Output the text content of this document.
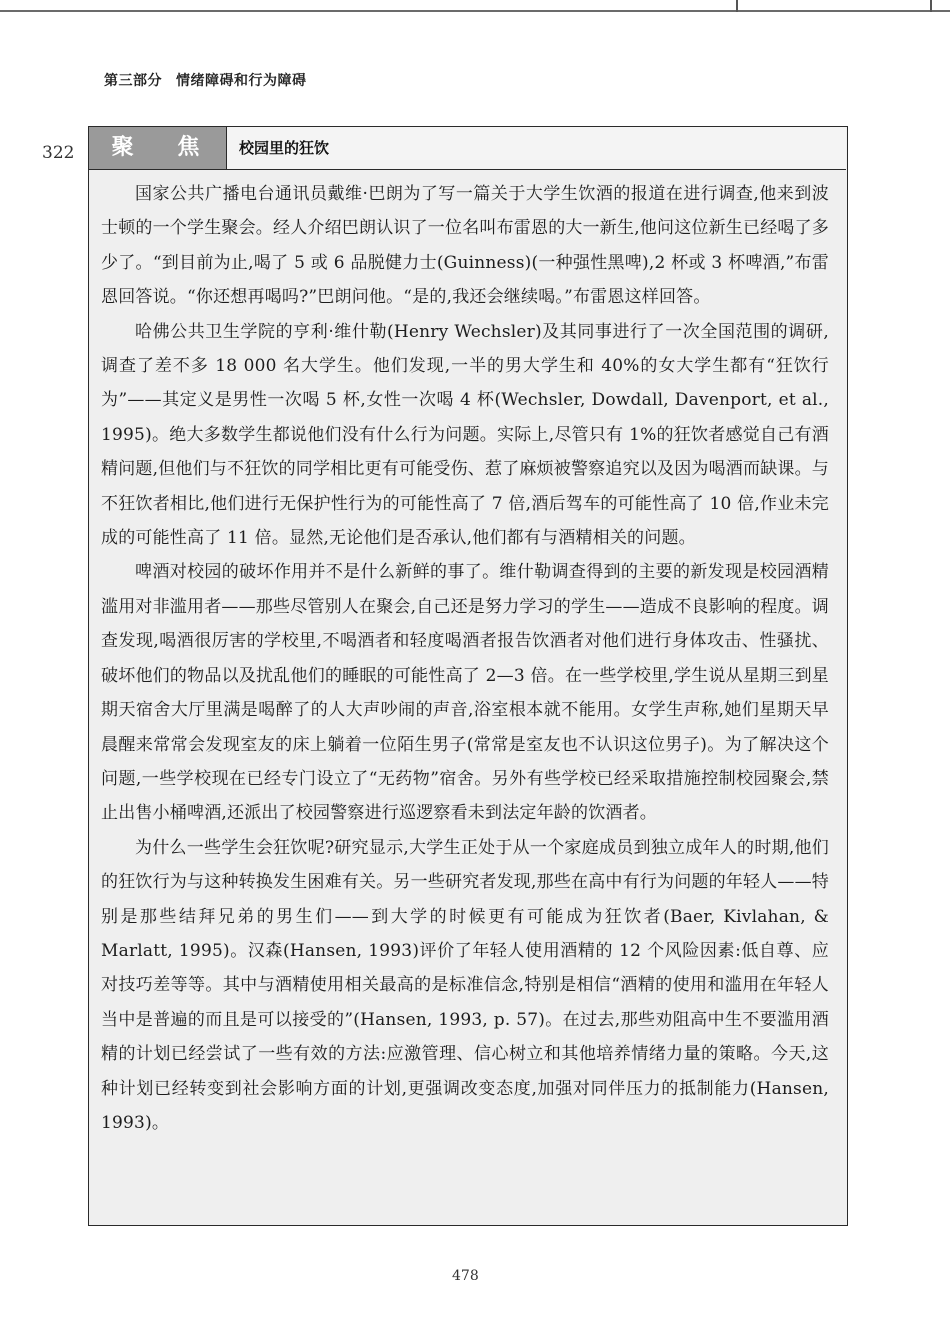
第三部分 情绪障碍和行为障碍
322	聚 焦	校园里的狂饮

国家公共广播电台通讯员戴维·巴朗为了写一篇关于大学生饮酒的报道在进行调查,他来到波士顿的一个学生聚会。经人介绍巴朗认识了一位名叫布雷恩的大一新生,他问这位新生已经喝了多少了。“到目前为止,喝了 5 或 6 品脱健力士(Guinness)(一种强性黑啤),2 杯或 3 杯啤酒,”布雷恩回答说。“你还想再喝吗?”巴朗问他。“是的,我还会继续喝。”布雷恩这样回答。

哈佛公共卫生学院的亨利·维什勒(Henry Wechsler)及其同事进行了一次全国范围的调研,调查了差不多 18 000 名大学生。他们发现,一半的男大学生和 40%的女大学生都有“狂饮行为”——其定义是男性一次喝 5 杯,女性一次喝 4 杯(Wechsler, Dowdall, Davenport, et al., 1995)。绝大多数学生都说他们没有什么行为问题。实际上,尽管只有 1%的狂饮者感觉自己有酒精问题,但他们与不狂饮的同学相比更有可能受伤、惹了麻烦被警察追究以及因为喝酒而缺课。与不狂饮者相比,他们进行无保护性行为的可能性高了 7 倍,酒后驾车的可能性高了 10 倍,作业未完成的可能性高了 11 倍。显然,无论他们是否承认,他们都有与酒精相关的问题。

啤酒对校园的破坏作用并不是什么新鲜的事了。维什勒调查得到的主要的新发现是校园酒精滥用对非滥用者——那些尽管别人在聚会,自己还是努力学习的学生——造成不良影响的程度。调查发现,喝酒很厉害的学校里,不喝酒者和轻度喝酒者报告饮酒者对他们进行身体攻击、性骚扰、破坏他们的物品以及扰乱他们的睡眠的可能性高了 2—3 倍。在一些学校里,学生说从星期三到星期天宿舍大厅里满是喝醉了的人大声吵闹的声音,浴室根本就不能用。女学生声称,她们星期天早晨醒来常常会发现室友的床上躺着一位陌生男子(常常是室友也不认识这位男子)。为了解决这个问题,一些学校现在已经专门设立了“无药物”宿舍。另外有些学校已经采取措施控制校园聚会,禁止出售小桶啤酒,还派出了校园警察进行巡逻察看未到法定年龄的饮酒者。

为什么一些学生会狂饮呢?研究显示,大学生正处于从一个家庭成员到独立成年人的时期,他们的狂饮行为与这种转换发生困难有关。另一些研究者发现,那些在高中有行为问题的年轻人——特别是那些结拜兄弟的男生们——到大学的时候更有可能成为狂饮者(Baer, Kivlahan, & Marlatt, 1995)。汉森(Hansen, 1993)评价了年轻人使用酒精的 12 个风险因素:低自尊、应对技巧差等等。其中与酒精使用相关最高的是标准信念,特别是相信“酒精的使用和滥用在年轻人当中是普遍的而且是可以接受的”(Hansen, 1993, p. 57)。在过去,那些劝阻高中生不要滥用酒精的计划已经尝试了一些有效的方法:应激管理、信心树立和其他培养情绪力量的策略。今天,这种计划已经转变到社会影响方面的计划,更强调改变态度,加强对同伴压力的抵制能力(Hansen, 1993)。

478
